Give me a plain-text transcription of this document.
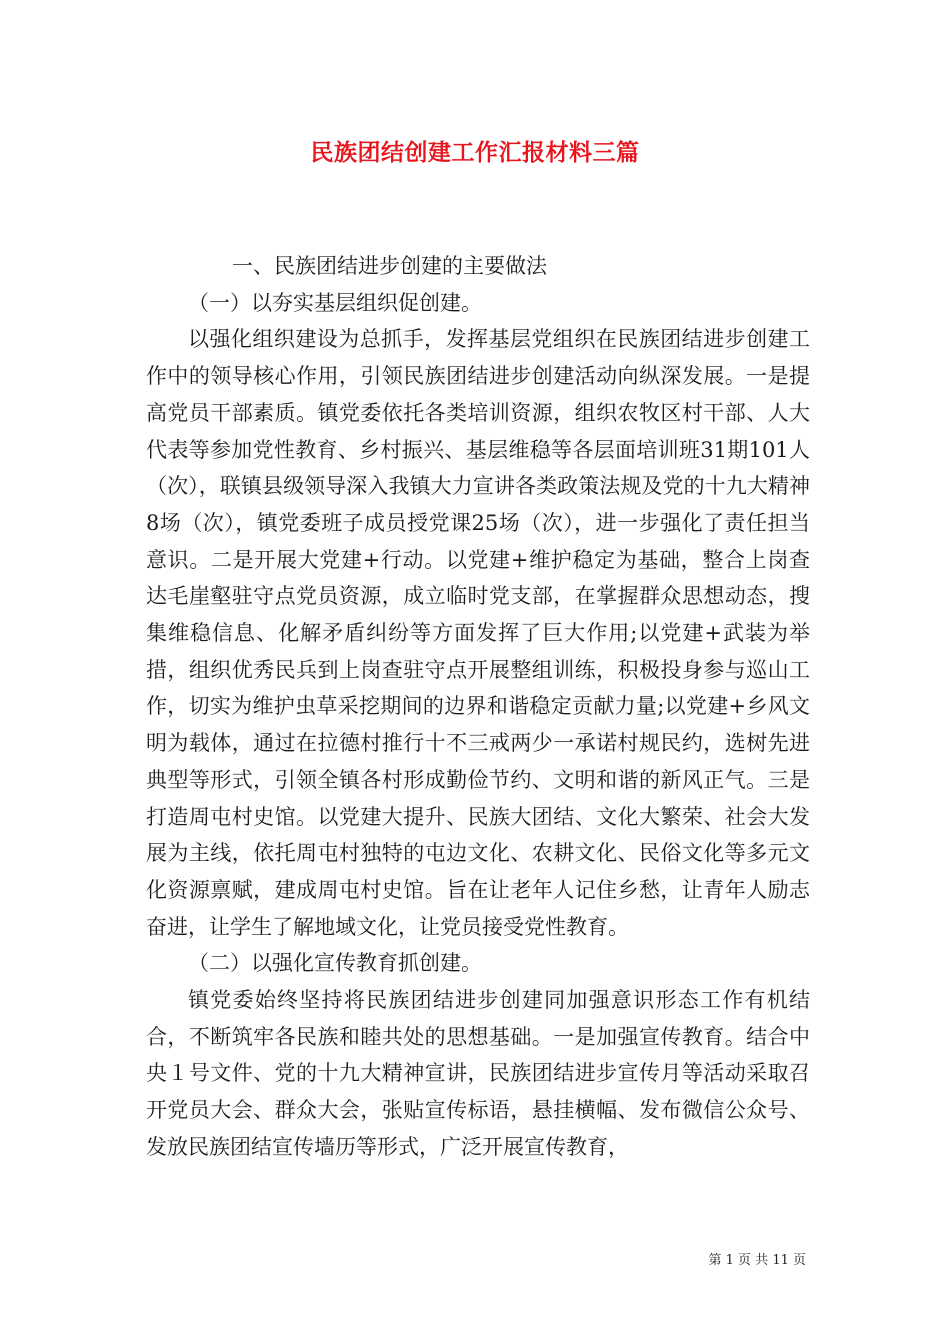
民族团结创建工作汇报材料三篇

一、民族团结进步创建的主要做法

（一）以夯实基层组织促创建。

以强化组织建设为总抓手，发挥基层党组织在民族团结进步创建工作中的领导核心作用，引领民族团结进步创建活动向纵深发展。一是提高党员干部素质。镇党委依托各类培训资源，组织农牧区村干部、人大代表等参加党性教育、乡村振兴、基层维稳等各层面培训班31期101人（次），联镇县级领导深入我镇大力宣讲各类政策法规及党的十九大精神8场（次），镇党委班子成员授党课25场（次），进一步强化了责任担当意识。二是开展大党建+行动。以党建+维护稳定为基础，整合上岗查达毛崖壑驻守点党员资源，成立临时党支部，在掌握群众思想动态，搜集维稳信息、化解矛盾纠纷等方面发挥了巨大作用;以党建+武装为举措，组织优秀民兵到上岗查驻守点开展整组训练，积极投身参与巡山工作，切实为维护虫草采挖期间的边界和谐稳定贡献力量;以党建+乡风文明为载体，通过在拉德村推行十不三戒两少一承诺村规民约，选树先进典型等形式，引领全镇各村形成勤俭节约、文明和谐的新风正气。三是打造周屯村史馆。以党建大提升、民族大团结、文化大繁荣、社会大发展为主线，依托周屯村独特的屯边文化、农耕文化、民俗文化等多元文化资源禀赋，建成周屯村史馆。旨在让老年人记住乡愁，让青年人励志奋进，让学生了解地域文化，让党员接受党性教育。

（二）以强化宣传教育抓创建。

镇党委始终坚持将民族团结进步创建同加强意识形态工作有机结合，不断筑牢各民族和睦共处的思想基础。一是加强宣传教育。结合中央１号文件、党的十九大精神宣讲，民族团结进步宣传月等活动采取召开党员大会、群众大会，张贴宣传标语，悬挂横幅、发布微信公众号、发放民族团结宣传墙历等形式，广泛开展宣传教育，

第 1 页 共 11 页
